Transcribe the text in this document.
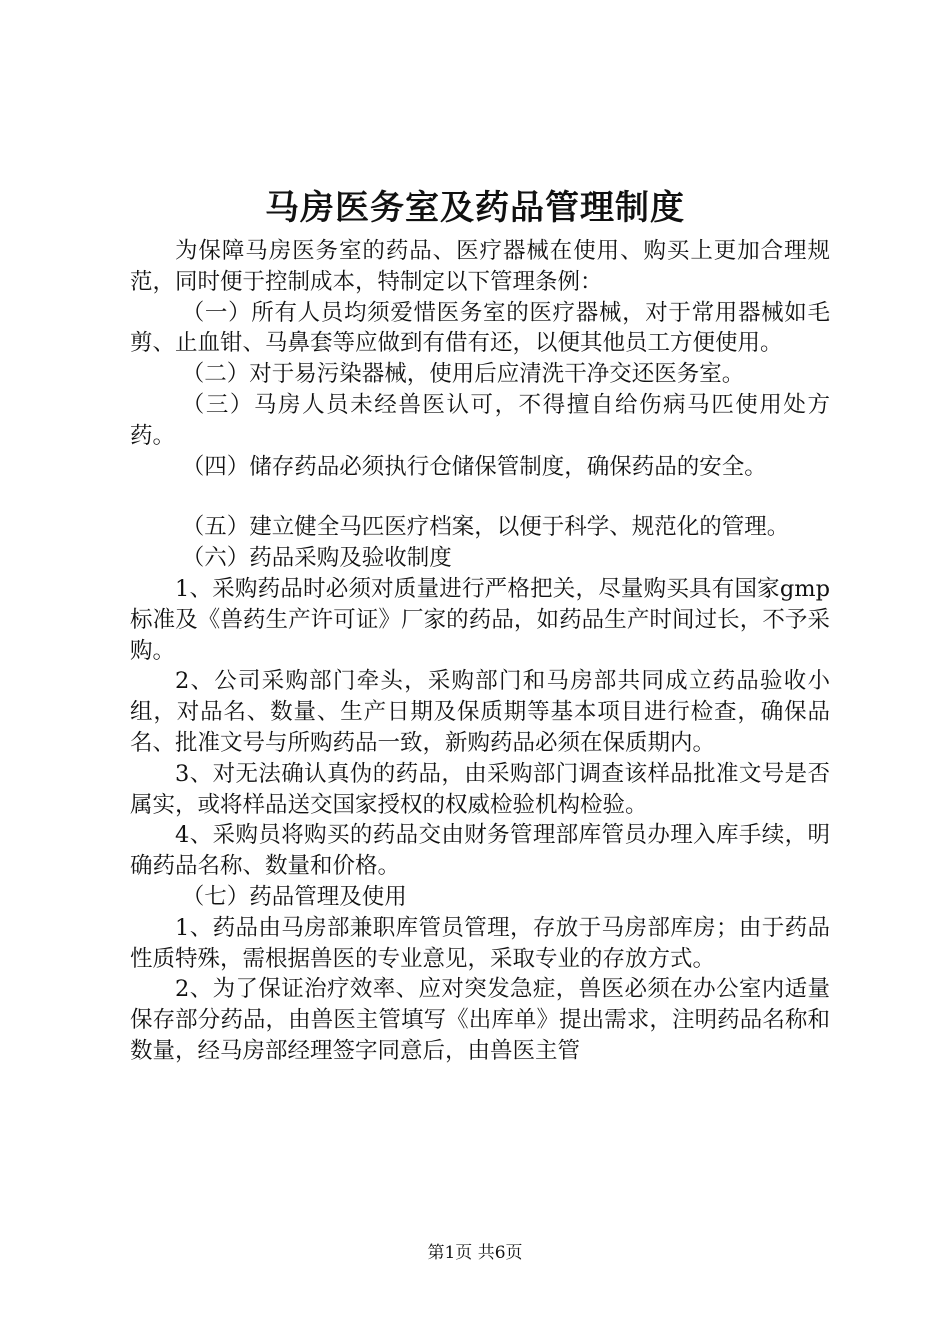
马房医务室及药品管理制度

为保障马房医务室的药品、医疗器械在使用、购买上更加合理规范，同时便于控制成本，特制定以下管理条例：

（一）所有人员均须爱惜医务室的医疗器械，对于常用器械如毛剪、止血钳、马鼻套等应做到有借有还，以便其他员工方便使用。

（二）对于易污染器械，使用后应清洗干净交还医务室。

（三）马房人员未经兽医认可，不得擅自给伤病马匹使用处方药。

（四）储存药品必须执行仓储保管制度，确保药品的安全。

（五）建立健全马匹医疗档案，以便于科学、规范化的管理。

（六）药品采购及验收制度

1、采购药品时必须对质量进行严格把关，尽量购买具有国家gmp标准及《兽药生产许可证》厂家的药品，如药品生产时间过长，不予采购。

2、公司采购部门牵头，采购部门和马房部共同成立药品验收小组，对品名、数量、生产日期及保质期等基本项目进行检查，确保品名、批准文号与所购药品一致，新购药品必须在保质期内。

3、对无法确认真伪的药品，由采购部门调查该样品批准文号是否属实，或将样品送交国家授权的权威检验机构检验。

4、采购员将购买的药品交由财务管理部库管员办理入库手续，明确药品名称、数量和价格。

（七）药品管理及使用

1、药品由马房部兼职库管员管理，存放于马房部库房；由于药品性质特殊，需根据兽医的专业意见，采取专业的存放方式。

2、为了保证治疗效率、应对突发急症，兽医必须在办公室内适量保存部分药品，由兽医主管填写《出库单》提出需求，注明药品名称和数量，经马房部经理签字同意后，由兽医主管

第1页 共6页
